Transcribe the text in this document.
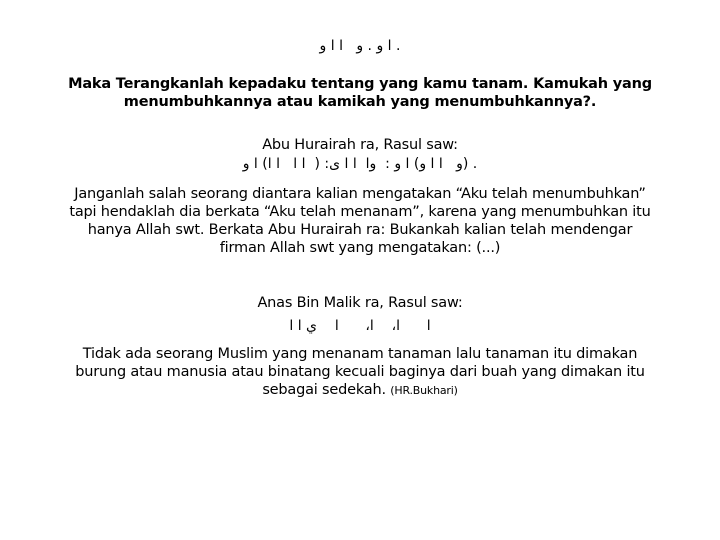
. ا و . و   ا ا و
Maka Terangkanlah kepadaku tentang yang kamu tanam. Kamukah yang
menumbuhkannya atau kamikah yang menumbuhkannya?.
Abu Hurairah ra, Rasul saw:
. (و   ا ا و) ا و :  وا  ا ا ى: (  ا ا   ا ا) ا و
Janganlah salah seorang diantara kalian mengatakan “Aku telah menumbuhkan”
tapi hendaklah dia berkata “Aku telah menanam”, karena yang menumbuhkan itu
hanya Allah swt. Berkata Abu Hurairah ra: Bukankah kalian telah mendengar
firman Allah swt yang mengatakan: (...)
Anas Bin Malik ra, Rasul saw:
ا      ا،    ا،      ا    ي ا ا
Tidak ada seorang Muslim yang menanam tanaman lalu tanaman itu dimakan
burung atau manusia atau binatang kecuali baginya dari buah yang dimakan itu
sebagai sedekah. (HR.Bukhari)
